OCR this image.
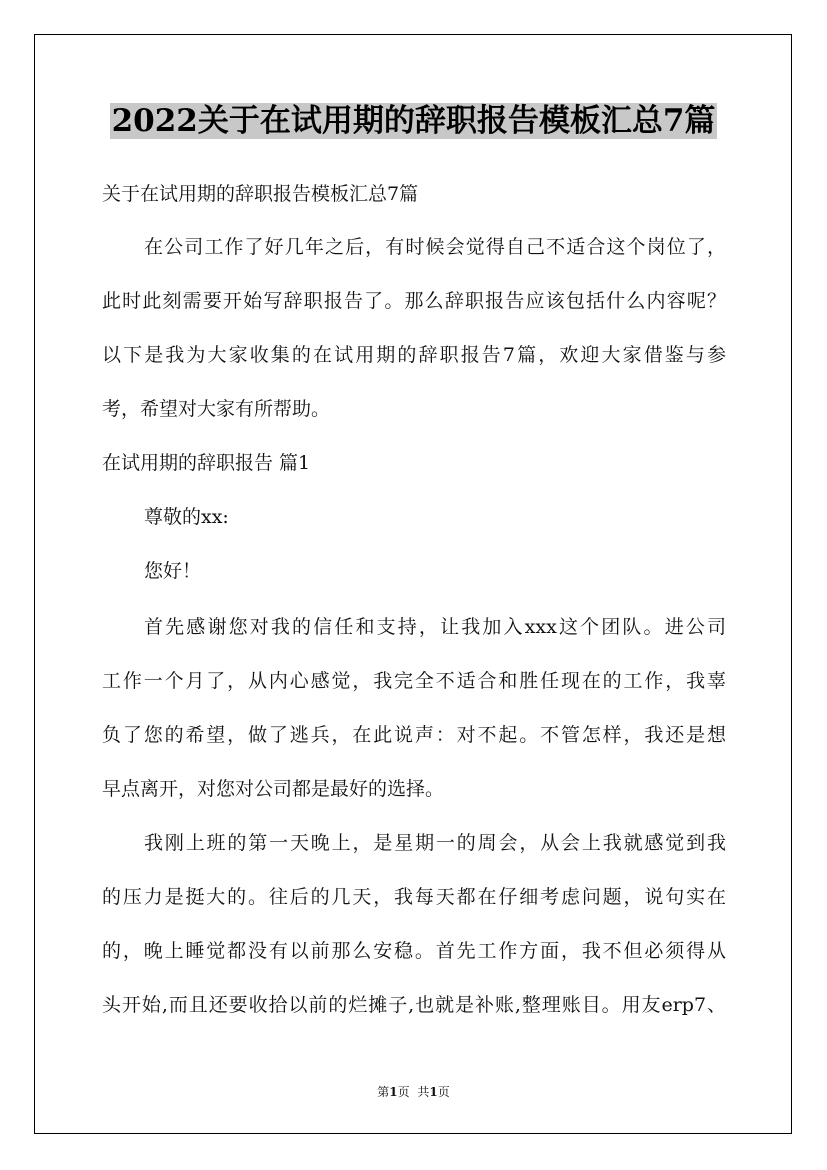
2022关于在试用期的辞职报告模板汇总7篇
关于在试用期的辞职报告模板汇总7篇
在公司工作了好几年之后，有时候会觉得自己不适合这个岗位了，
此时此刻需要开始写辞职报告了。那么辞职报告应该包括什么内容呢？
以下是我为大家收集的在试用期的辞职报告7篇，欢迎大家借鉴与参
考，希望对大家有所帮助。
在试用期的辞职报告 篇1
尊敬的xx:
您好！
首先感谢您对我的信任和支持，让我加入xxx这个团队。进公司
工作一个月了，从内心感觉，我完全不适合和胜任现在的工作，我辜
负了您的希望，做了逃兵，在此说声：对不起。不管怎样，我还是想
早点离开，对您对公司都是最好的选择。
我刚上班的第一天晚上，是星期一的周会，从会上我就感觉到我
的压力是挺大的。往后的几天，我每天都在仔细考虑问题，说句实在
的，晚上睡觉都没有以前那么安稳。首先工作方面，我不但必须得从
头开始,而且还要收拾以前的烂摊子,也就是补账,整理账目。用友erp7、
第1页 共1页
